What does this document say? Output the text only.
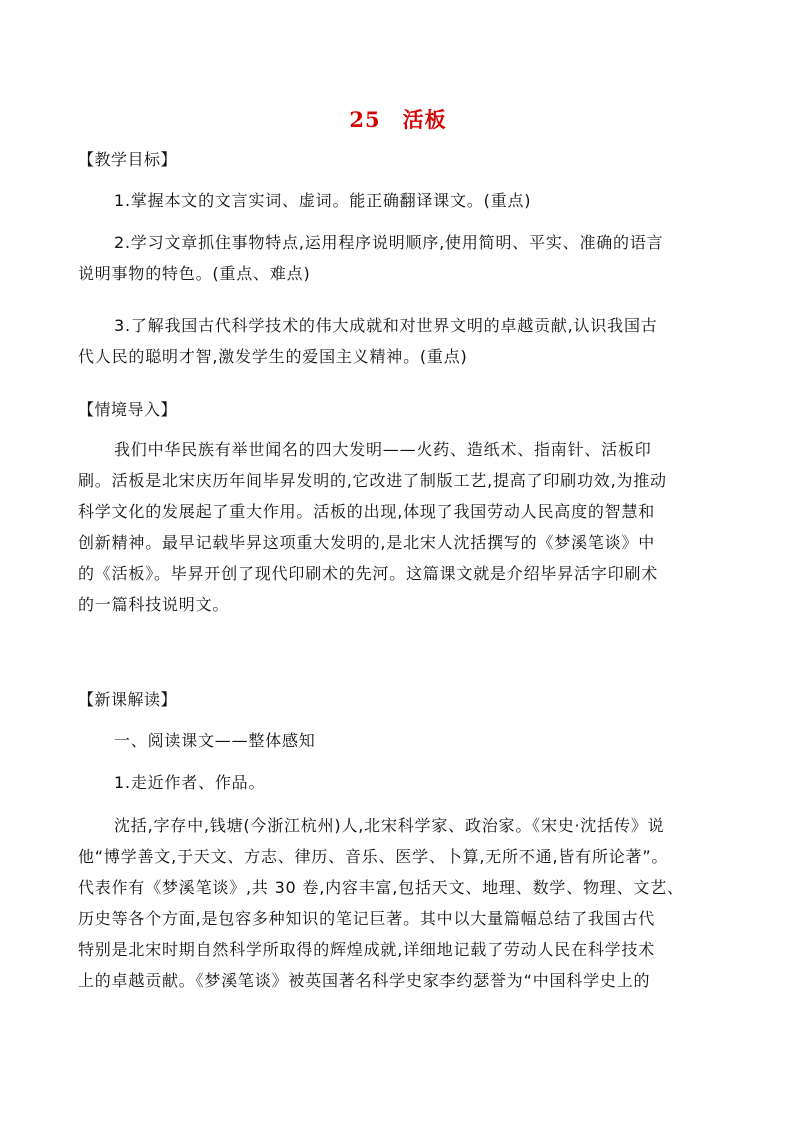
25 活板
【教学目标】
1.掌握本文的文言实词、虚词。能正确翻译课文。(重点)
2.学习文章抓住事物特点,运用程序说明顺序,使用简明、平实、准确的语言
说明事物的特色。(重点、难点)
3.了解我国古代科学技术的伟大成就和对世界文明的卓越贡献,认识我国古
代人民的聪明才智,激发学生的爱国主义精神。(重点)
【情境导入】
我们中华民族有举世闻名的四大发明——火药、造纸术、指南针、活板印
刷。活板是北宋庆历年间毕昇发明的,它改进了制版工艺,提高了印刷功效,为推动
科学文化的发展起了重大作用。活板的出现,体现了我国劳动人民高度的智慧和
创新精神。最早记载毕昇这项重大发明的,是北宋人沈括撰写的《梦溪笔谈》中
的《活板》。毕昇开创了现代印刷术的先河。这篇课文就是介绍毕昇活字印刷术
的一篇科技说明文。
【新课解读】
一、阅读课文——整体感知
1.走近作者、作品。
沈括,字存中,钱塘(今浙江杭州)人,北宋科学家、政治家。《宋史·沈括传》说
他“博学善文,于天文、方志、律历、音乐、医学、卜算,无所不通,皆有所论著”。
代表作有《梦溪笔谈》,共 30 卷,内容丰富,包括天文、地理、数学、物理、文艺、
历史等各个方面,是包容多种知识的笔记巨著。其中以大量篇幅总结了我国古代
特别是北宋时期自然科学所取得的辉煌成就,详细地记载了劳动人民在科学技术
上的卓越贡献。《梦溪笔谈》被英国著名科学史家李约瑟誉为“中国科学史上的
